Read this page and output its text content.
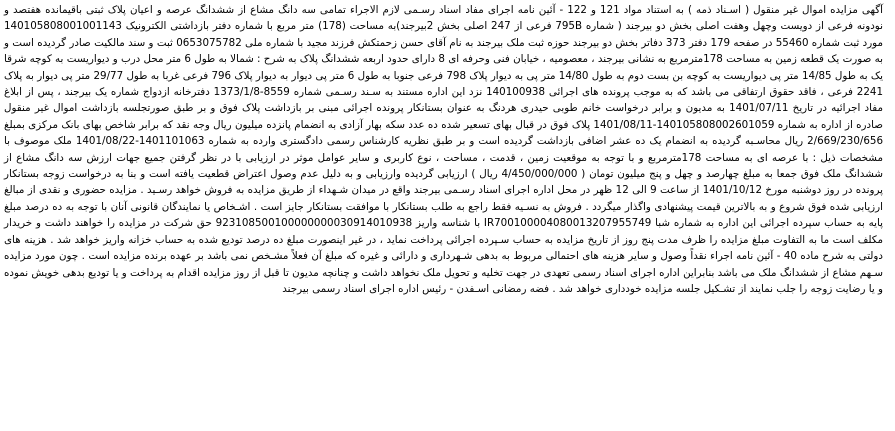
آگهی مزایده اموال غیر منقول ( اسـناد ذمه ) به استناد مواد 121 و 122 - آئین نامه اجرای مفاد اسناد رسـمی لازم الاجراء تمامی سه دانگ مشاع از ششدانگ عرصه و اعیان پلاک ثبتی باقیمانده هفتصد و نودونه فرعی از دویست وچهل وهفت اصلی بخش دو بیرجند ( شماره 795B فرعی از 247 اصلی بخش 2بیرجند)به مساحت (178) متر مربع با شماره دفتر بازداشتی الکترونیک 140105808001001143 مورد ثبت شماره 55460 در صفحه 179 دفتر 373 دفاتر بخش دو بیرجند حوزه ثبت ملک بیرجند به نام آقای حسن زحمتکش فرزند مجید با شماره ملی 0653075782 ثبت و سند مالکیت صادر گردیده است و به صورت یک قطعه زمین به مساحت 178مترمربع به نشانی بیرجند ، معصومیه ، خیابان فنی وحرفه ای 8 دارای حدود اربعه ششدانگ پلاک به شرح : شمالا به طول 6 متر محل درب و دیواریست به کوچه شرقا یک به طول 14/85 متر پی دیواریست به کوچه بن بست دوم به طول 14/80 متر پی به دیوار پلاک 798 فرعی جنوبا به طول 6 متر پی دیوار به دیوار پلاک 796 فرعی غربا به طول 29/77 متر پی دیوار به پلاک 2241 فرعی ، فاقد حقوق ارتفاقی می باشد که به موجب پرونده های اجرائی 140100938 نزد این اداره مستند به سـند رسـمی شماره 8559-1373/1/8 دفترخانه ازدواج شماره یک بیرجند ، پس از ابلاغ مفاد اجرائیه در تاریخ 1401/07/11 به مدیون و برابر درخواست خانم طوبی حیدری هردنگ به عنوان بستانکار پرونده اجرائی مبنی بر بازداشت پلاک فوق و بر طبق صورتجلسه بازداشت اموال غیر منقول صادره از اداره به شماره 140105808002601059-1401/08/11 پلاک فوق در قبال بهای تسعیر شده ده عدد سکه بهار آزادی به انضمام پانزده میلیون ریال وجه نقد که برابر شاخص بهای بانک مرکزی بمبلغ 2/669/230/656 ریال محاسـبه گردیده به انضمام یک ده عشر اضافی بازداشت گردیده است و بر طبق نظریه کارشناس رسمی دادگستری وارده به شماره 1401101063-1401/08/22 ملک موصوف با مشخصات ذیل : با عرصه ای به مساحت 178مترمربع و با توجه به موقعیت زمین ، قدمت ، مساحت ، نوع کاربری و سایر عوامل موثر در ارزیابی با در نظر گرفتن جمیع جهات ارزش سه دانگ مشاع از ششدانگ ملک فوق جمعا به مبلغ چهارصد و چهل و پنج میلیون تومان ( 4/450/000/000 ریال ) ارزیابی گردیده وارزیابی و به دلیل عدم وصول اعتراض قطعیت یافته است و بنا به درخواست زوجه بستانکار پرونده در روز دوشنبه مورخ 1401/10/12 از ساعت 9 الی 12 ظهر در محل اداره اجرای اسناد رسـمی بیرجند واقع در میدان شـهداء از طریق مزایده به فروش خواهد رسـید . مزایده حضوری و نقدی از مبالغ ارزیابی شده فوق شروع و به بالاترین قیمت پیشنهادی واگذار میگردد . فروش به نسـیه فقط راجع به طلب بستانکار با موافقت بستانکار جایز است . اشـخاص یا نمایندگان قانونی آنان با توجه به ده درصد مبلغ پایه به حساب سپرده اجرائی این اداره به شماره شبا IR700100004080013207955749 با شناسه واریز 923108500100000000030914010938 حق شرکت در مزایده را خواهند داشت و خریدار مکلف است ما به التفاوت مبلغ مزایده را ظرف مدت پنج روز از تاریخ مزایده به حساب سـپرده اجرائی پرداخت نماید ، در غیر اینصورت مبلغ ده درصد تودیع شده به حساب خزانه واریز خواهد شد . هزینه های دولتی به شرح ماده 40 - آئین نامه اجراء نقداً وصول و سایر هزینه های احتمالی مربوط به بدهی شـهرداری و دارائی و غیره که مبلغ آن فعلاً مشـخص نمی باشد بر عهده برنده مزایده است . چون مورد مزایده سـهم مشاع از ششدانگ ملک می باشد بنابراین اداره اجرای اسناد رسمی تعهدی در جهت تخلیه و تحویل ملک نخواهد داشت و چنانچه مدیون تا قبل از روز مزایده اقدام به پرداخت و یا تودیع بدهی خویش نموده و یا رضایت زوجه را جلب نمایند از تشـکیل جلسه مزایده خودداری خواهد شد . فضه رمضانی اسـفدن - رئیس اداره اجرای اسناد رسمی بیرجند
